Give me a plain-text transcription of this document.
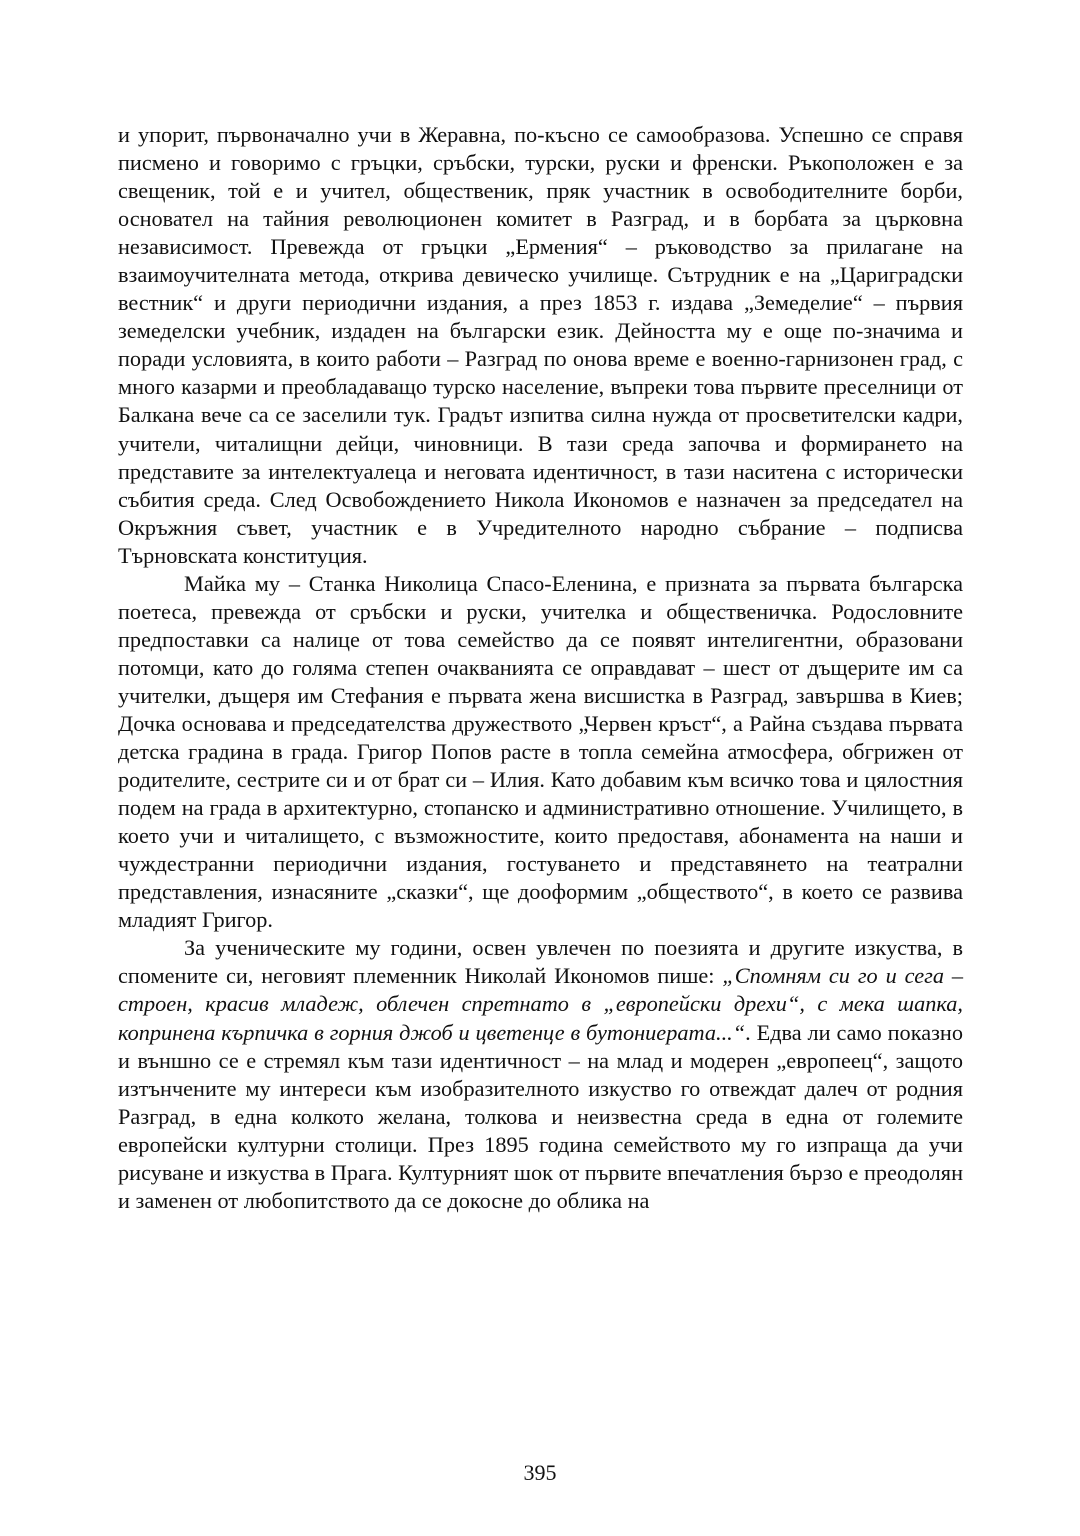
и упорит, първоначално учи в Жеравна, по-късно се самообразова. Успешно се справя писмено и говоримо с гръцки, сръбски, турски, руски и френски. Ръкоположен е за свещеник, той е и учител, общественик, пряк участник в освободителните борби, основател на тайния революционен комитет в Разград, и в борбата за църковна независимост. Превежда от гръцки „Ермения“ – ръководство за прилагане на взаимоучителната метода, открива девическо училище. Сътрудник е на „Цариградски вестник“ и други периодични издания, а през 1853 г. издава „Земеделие“ – първия земеделски учебник, издаден на български език. Дейността му е още по-значима и поради условията, в които работи – Разград по онова време е военно-гарнизонен град, с много казарми и преобладаващо турско население, въпреки това първите преселници от Балкана вече са се заселили тук. Градът изпитва силна нужда от просветителски кадри, учители, читалищни дейци, чиновници. В тази среда започва и формирането на представите за интелектуалеца и неговата идентичност, в тази наситена с исторически събития среда. След Освобождението Никола Икономов е назначен за председател на Окръжния съвет, участник е в Учредителното народно събрание – подписва Търновската конституция.

Майка му – Станка Николица Спасо-Еленина, е призната за първата българска поетеса, превежда от сръбски и руски, учителка и общественичка. Родословните предпоставки са налице от това семейство да се появят интелигентни, образовани потомци, като до голяма степен очакванията се оправдават – шест от дъщерите им са учителки, дъщеря им Стефания е първата жена висшистка в Разград, завършва в Киев; Дочка основава и председателства дружеството „Червен кръст“, а Райна създава първата детска градина в града. Григор Попов расте в топла семейна атмосфера, обгрижен от родителите, сестрите си и от брат си – Илия. Като добавим към всичко това и цялостния подем на града в архитектурно, стопанско и административно отношение. Училището, в което учи и читалището, с възможностите, които предоставя, абонамента на наши и чуждестранни периодични издания, гостуването и представянето на театрални представления, изнасяните „сказки“, ще дооформим „обществото“, в което се развива младият Григор.

За ученическите му години, освен увлечен по поезията и другите изкуства, в спомените си, неговият племенник Николай Икономов пише: „Спомням си го и сега – строен, красив младеж, облечен спретнато в „европейски дрехи“, с мека шапка, копринена кърпичка в горния джоб и цветенце в бутониерата...“. Едва ли само показно и външно се е стремял към тази идентичност – на млад и модерен „европеец“, защото изтънчените му интереси към изобразителното изкуство го отвеждат далеч от родния Разград, в една колкото желана, толкова и неизвестна среда в една от големите европейски културни столици. През 1895 година семейството му го изпраща да учи рисуване и изкуства в Прага. Културният шок от първите впечатления бързо е преодолян и заменен от любопитството да се докосне до облика на

395
